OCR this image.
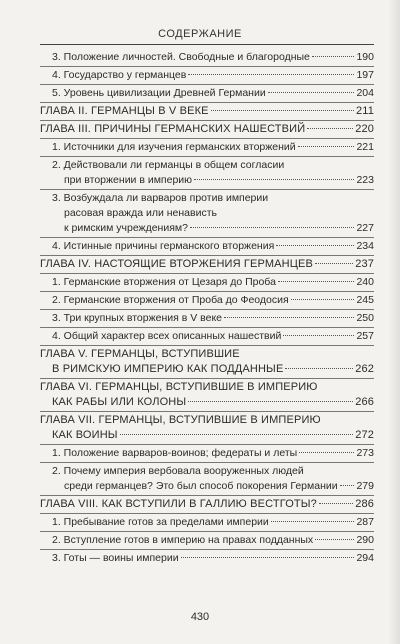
СОДЕРЖАНИЕ
3. Положение личностей. Свободные и благородные	190
4. Государство у германцев	197
5. Уровень цивилизации Древней Германии	204
ГЛАВА II. ГЕРМАНЦЫ В V ВЕКЕ	211
ГЛАВА III. ПРИЧИНЫ ГЕРМАНСКИХ НАШЕСТВИЙ	220
1. Источники для изучения германских вторжений	221
2. Действовали ли германцы в общем согласии
при вторжении в империю	223
3. Возбуждала ли варваров против империи
расовая вражда или ненависть
к римским учреждениям?	227
4. Истинные причины германского вторжения	234
ГЛАВА IV. НАСТОЯЩИЕ ВТОРЖЕНИЯ ГЕРМАНЦЕВ	237
1. Германские вторжения от Цезаря до Проба	240
2. Германские вторжения от Проба до Феодосия	245
3. Три крупных вторжения в V веке	250
4. Общий характер всех описанных нашествий	257
ГЛАВА V. ГЕРМАНЦЫ, ВСТУПИВШИЕ
В РИМСКУЮ ИМПЕРИЮ КАК ПОДДАННЫЕ	262
ГЛАВА VI. ГЕРМАНЦЫ, ВСТУПИВШИЕ В ИМПЕРИЮ
КАК РАБЫ ИЛИ КОЛОНЫ	266
ГЛАВА VII. ГЕРМАНЦЫ, ВСТУПИВШИЕ В ИМПЕРИЮ
КАК ВОИНЫ	272
1. Положение варваров-воинов; федераты и леты	273
2. Почему империя вербовала вооруженных людей
среди германцев? Это был способ покорения Германии 279
ГЛАВА VIII. КАК ВСТУПИЛИ В ГАЛЛИЮ ВЕСТГОТЫ?	286
1. Пребывание готов за пределами империи	287
2. Вступление готов в империю на правах подданных	290
3. Готы — воины империи	294
430
